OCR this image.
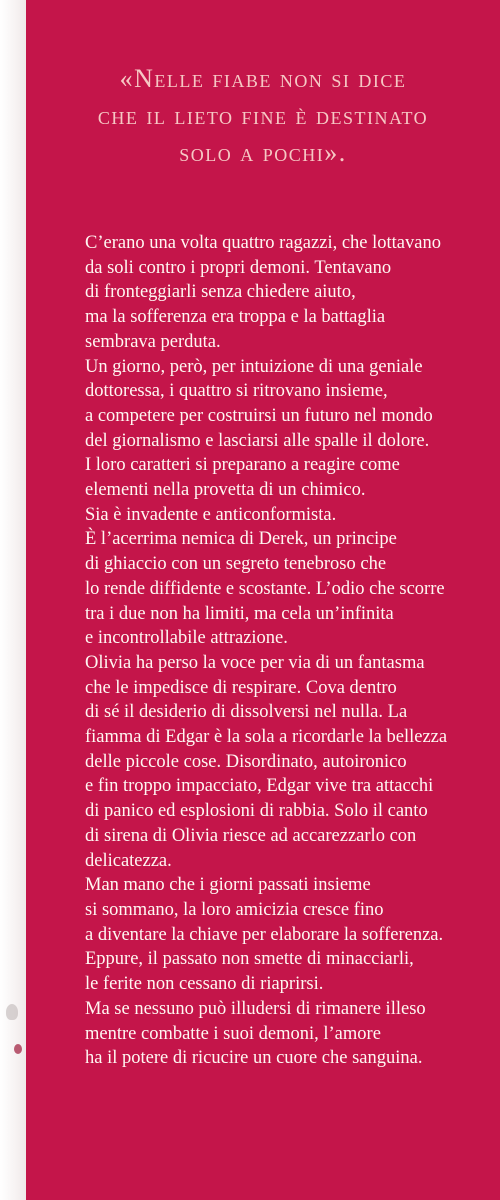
«Nelle fiabe non si dice
che il lieto fine è destinato
solo a pochi».
C’erano una volta quattro ragazzi, che lottavano
da soli contro i propri demoni. Tentavano
di fronteggiarli senza chiedere aiuto,
ma la sofferenza era troppa e la battaglia
sembrava perduta.
Un giorno, però, per intuizione di una geniale
dottoressa, i quattro si ritrovano insieme,
a competere per costruirsi un futuro nel mondo
del giornalismo e lasciarsi alle spalle il dolore.
I loro caratteri si preparano a reagire come
elementi nella provetta di un chimico.
Sia è invadente e anticonformista.
È l’acerrima nemica di Derek, un principe
di ghiaccio con un segreto tenebroso che
lo rende diffidente e scostante. L’odio che scorre
tra i due non ha limiti, ma cela un’infinita
e incontrollabile attrazione.
Olivia ha perso la voce per via di un fantasma
che le impedisce di respirare. Cova dentro
di sé il desiderio di dissolversi nel nulla. La
fiamma di Edgar è la sola a ricordarle la bellezza
delle piccole cose. Disordinato, autoironico
e fin troppo impacciato, Edgar vive tra attacchi
di panico ed esplosioni di rabbia. Solo il canto
di sirena di Olivia riesce ad accarezzarlo con
delicatezza.
Man mano che i giorni passati insieme
si sommano, la loro amicizia cresce fino
a diventare la chiave per elaborare la sofferenza.
Eppure, il passato non smette di minacciarli,
le ferite non cessano di riaprirsi.
Ma se nessuno può illudersi di rimanere illeso
mentre combatte i suoi demoni, l’amore
ha il potere di ricucire un cuore che sanguina.
